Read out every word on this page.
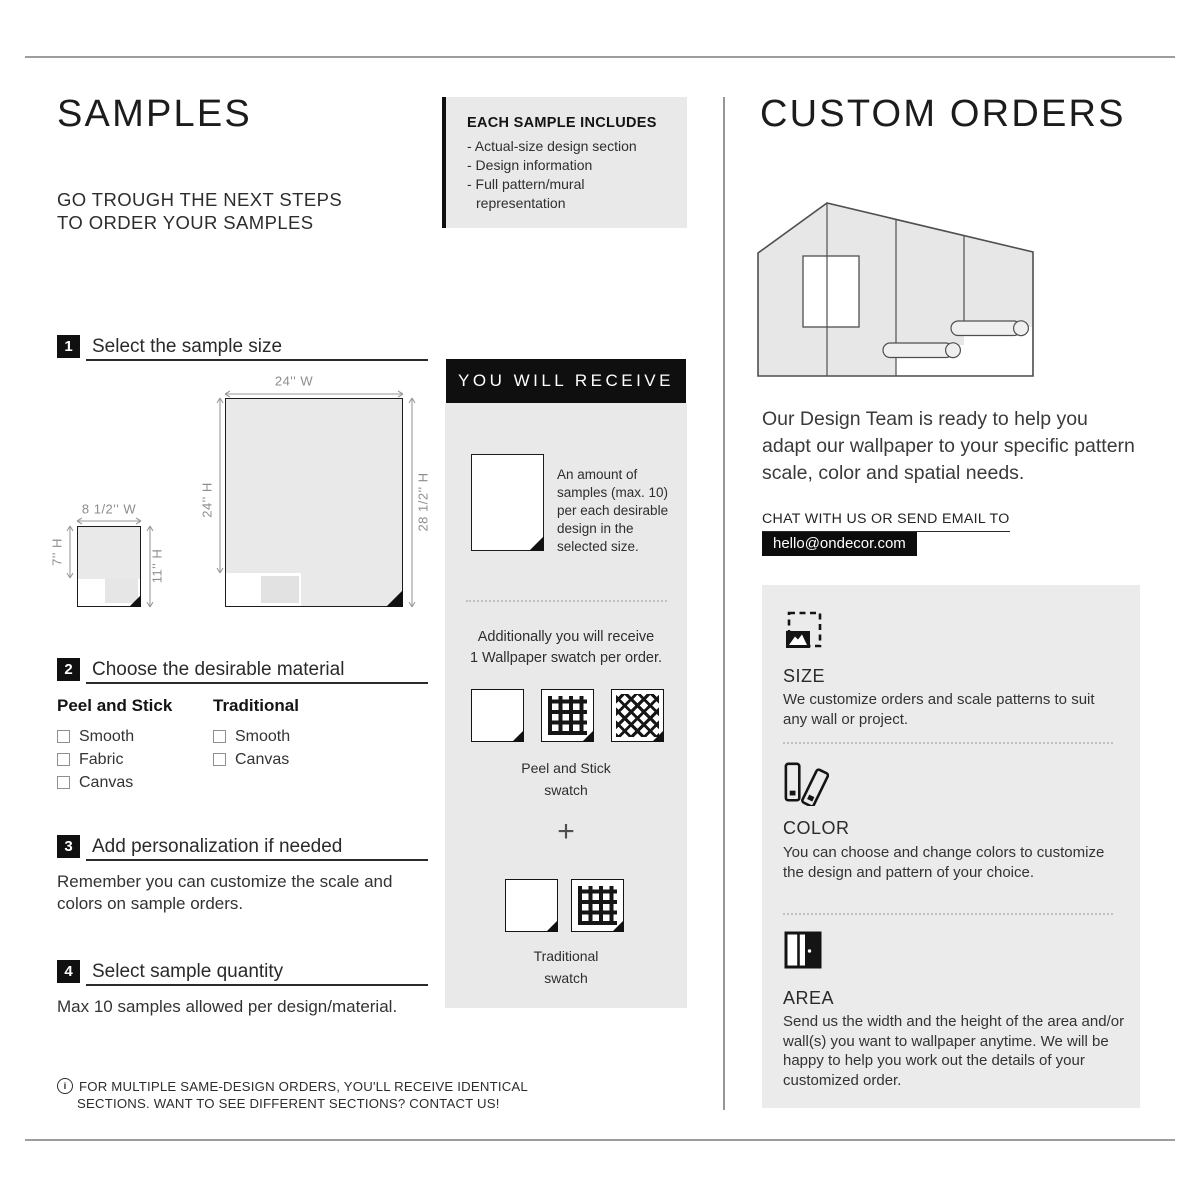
SAMPLES
GO TROUGH THE NEXT STEPS
TO ORDER YOUR SAMPLES
1	Select the sample size
24'' W
24'' H	28 1/2'' H
8 1/2'' W
7'' H	11'' H
2	Choose the desirable material
Peel and Stick
Smooth
Fabric
Canvas
Traditional
Smooth
Canvas
3	Add personalization if needed
Remember you can customize the scale and colors on sample orders.
4	Select sample quantity
Max 10 samples allowed per design/material.
i FOR MULTIPLE SAME-DESIGN ORDERS, YOU'LL RECEIVE IDENTICAL
SECTIONS. WANT TO SEE DIFFERENT SECTIONS? CONTACT US!
EACH SAMPLE INCLUDES
- Actual-size design section
- Design information
- Full pattern/mural representation
YOU WILL RECEIVE
An amount of samples (max. 10) per each desirable design in the selected size.
Additionally you will receive
1 Wallpaper swatch per order.
Peel and Stick
swatch
+
Traditional
swatch
CUSTOM ORDERS
Our Design Team is ready to help you adapt our wallpaper to your specific pattern scale, color and spatial needs.
CHAT WITH US OR SEND EMAIL TO
hello@ondecor.com
SIZE
We customize orders and scale patterns to suit any wall or project.
COLOR
You can choose and change colors to customize the design and pattern of your choice.
AREA
Send us the width and the height of the area and/or wall(s) you want to wallpaper anytime. We will be happy to help you work out the details of your customized order.
